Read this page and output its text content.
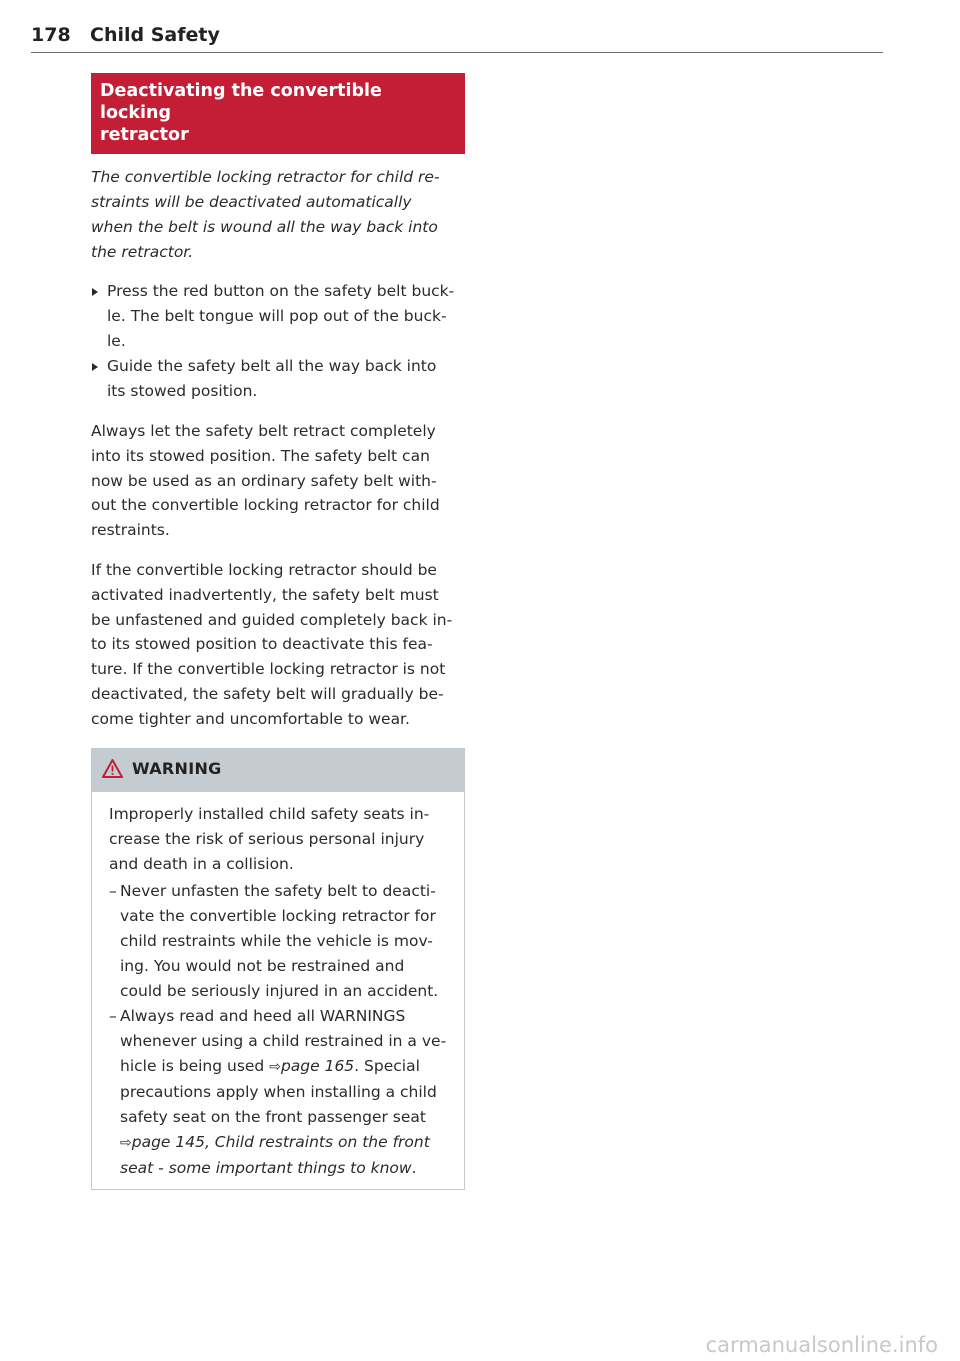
178 Child Safety
Deactivating the convertible locking
retractor

The convertible locking retractor for child re-
straints will be deactivated automatically
when the belt is wound all the way back into
the retractor.

Press the red button on the safety belt buck-
le. The belt tongue will pop out of the buck-
le.
Guide the safety belt all the way back into
its stowed position.

Always let the safety belt retract completely
into its stowed position. The safety belt can
now be used as an ordinary safety belt with-
out the convertible locking retractor for child
restraints.

If the convertible locking retractor should be
activated inadvertently, the safety belt must
be unfastened and guided completely back in-
to its stowed position to deactivate this fea-
ture. If the convertible locking retractor is not
deactivated, the safety belt will gradually be-
come tighter and uncomfortable to wear.

WARNING

Improperly installed child safety seats in-
crease the risk of serious personal injury
and death in a collision.

– Never unfasten the safety belt to deacti-
vate the convertible locking retractor for
child restraints while the vehicle is mov-
ing. You would not be restrained and
could be seriously injured in an accident.
– Always read and heed all WARNINGS
whenever using a child restrained in a ve-
hicle is being used ⇨page 165. Special
precautions apply when installing a child
safety seat on the front passenger seat
⇨page 145, Child restraints on the front
seat - some important things to know.
carmanualsonline.info
